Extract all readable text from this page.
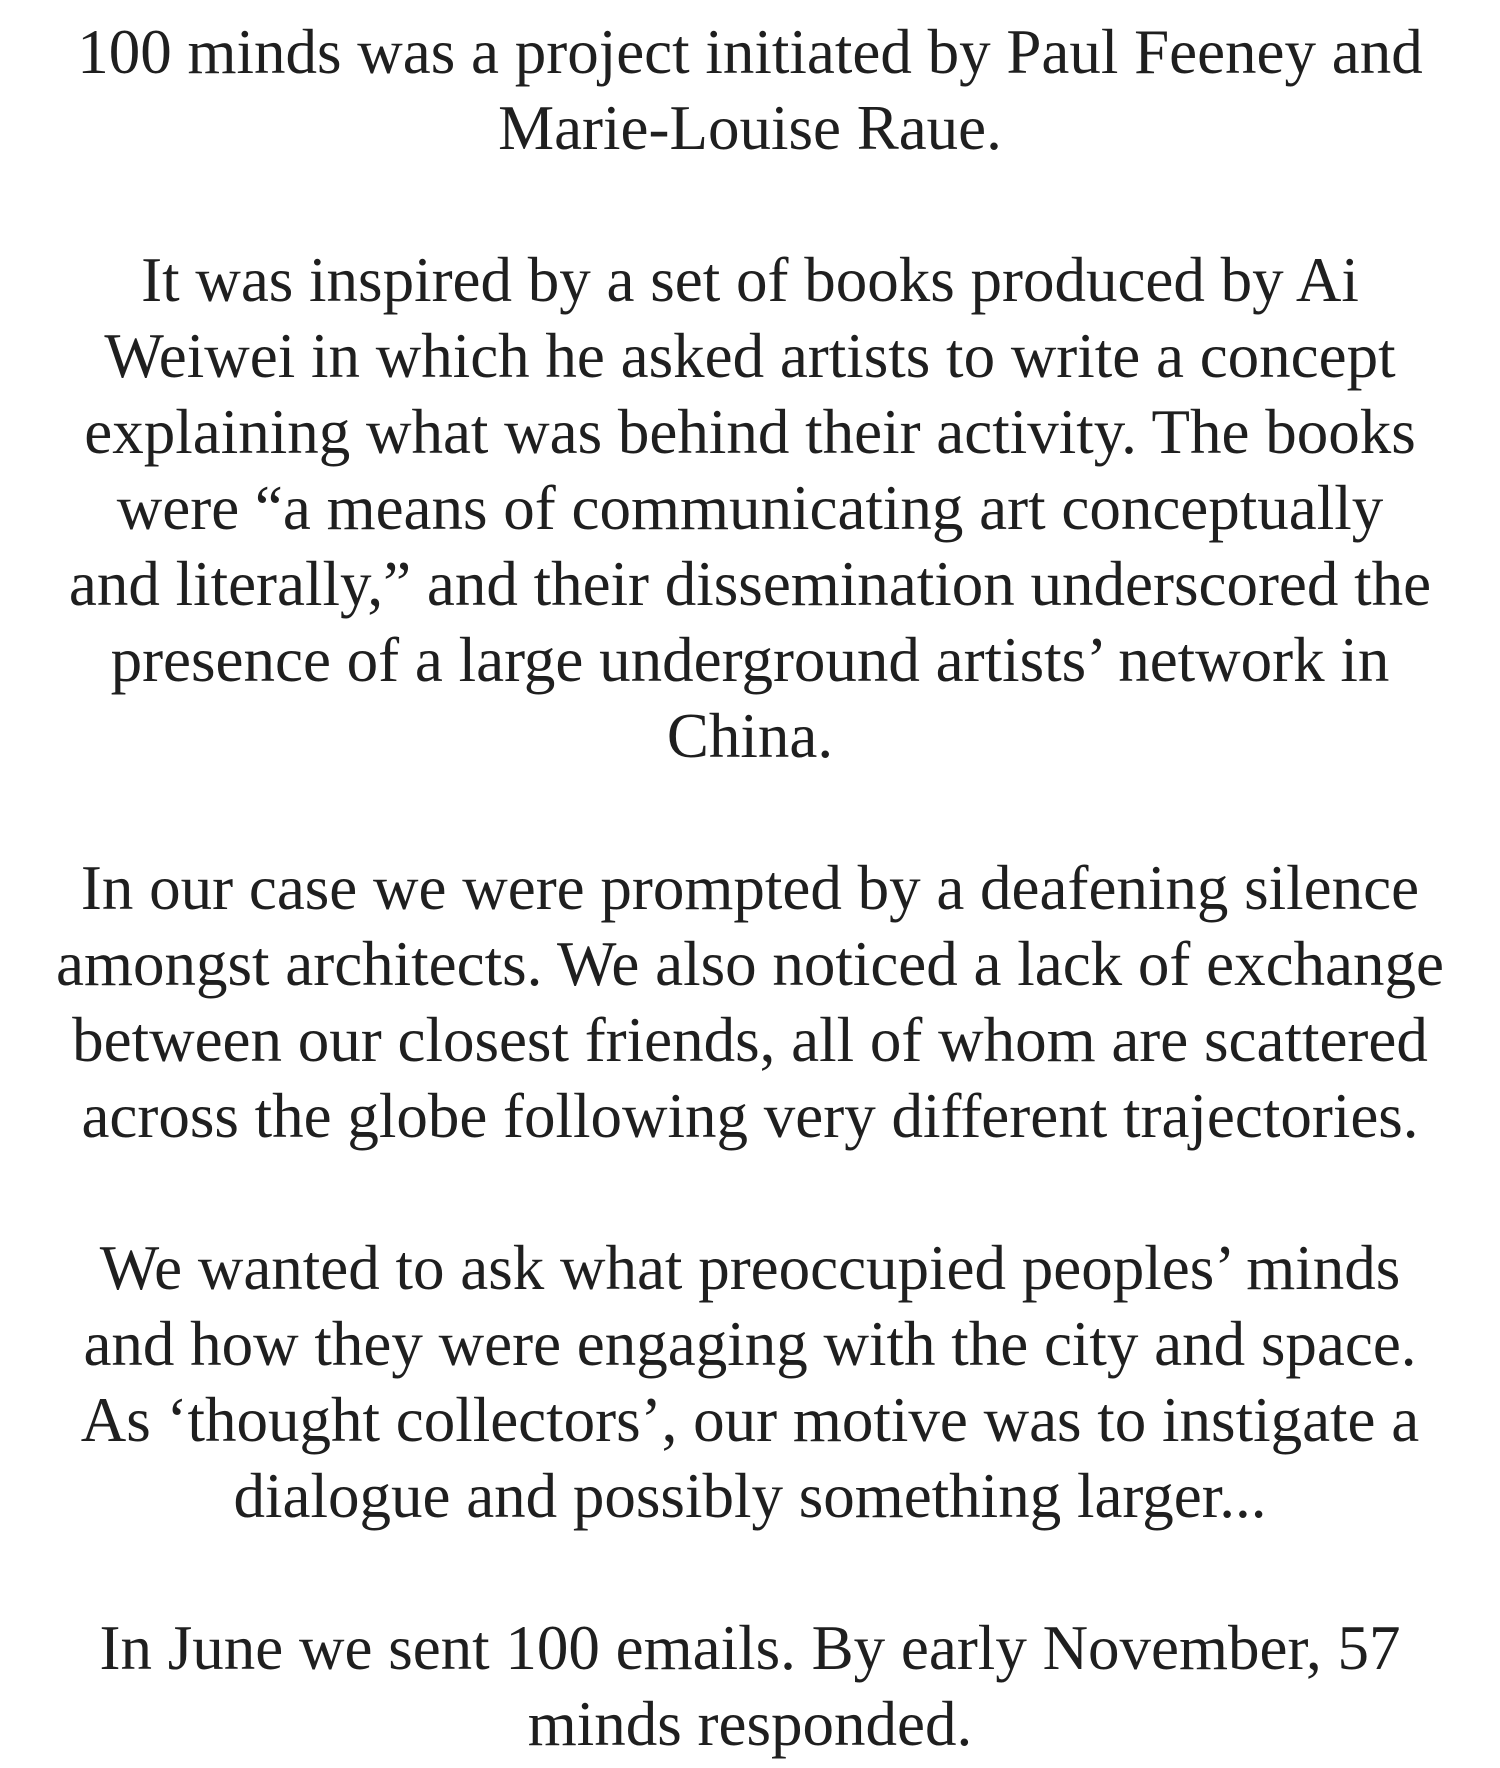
100 minds was a project initiated by Paul Feeney and
Marie-Louise Raue.

It was inspired by a set of books produced by Ai
Weiwei in which he asked artists to write a concept
explaining what was behind their activity. The books
were “a means of communicating art conceptually
and literally,” and their dissemination underscored the
presence of a large underground artists’ network in
China.

In our case we were prompted by a deafening silence
amongst architects. We also noticed a lack of exchange
between our closest friends, all of whom are scattered
across the globe following very different trajectories.

We wanted to ask what preoccupied peoples’ minds
and how they were engaging with the city and space.
As ‘thought collectors’, our motive was to instigate a
dialogue and possibly something larger...

In June we sent 100 emails. By early November, 57
minds responded.
